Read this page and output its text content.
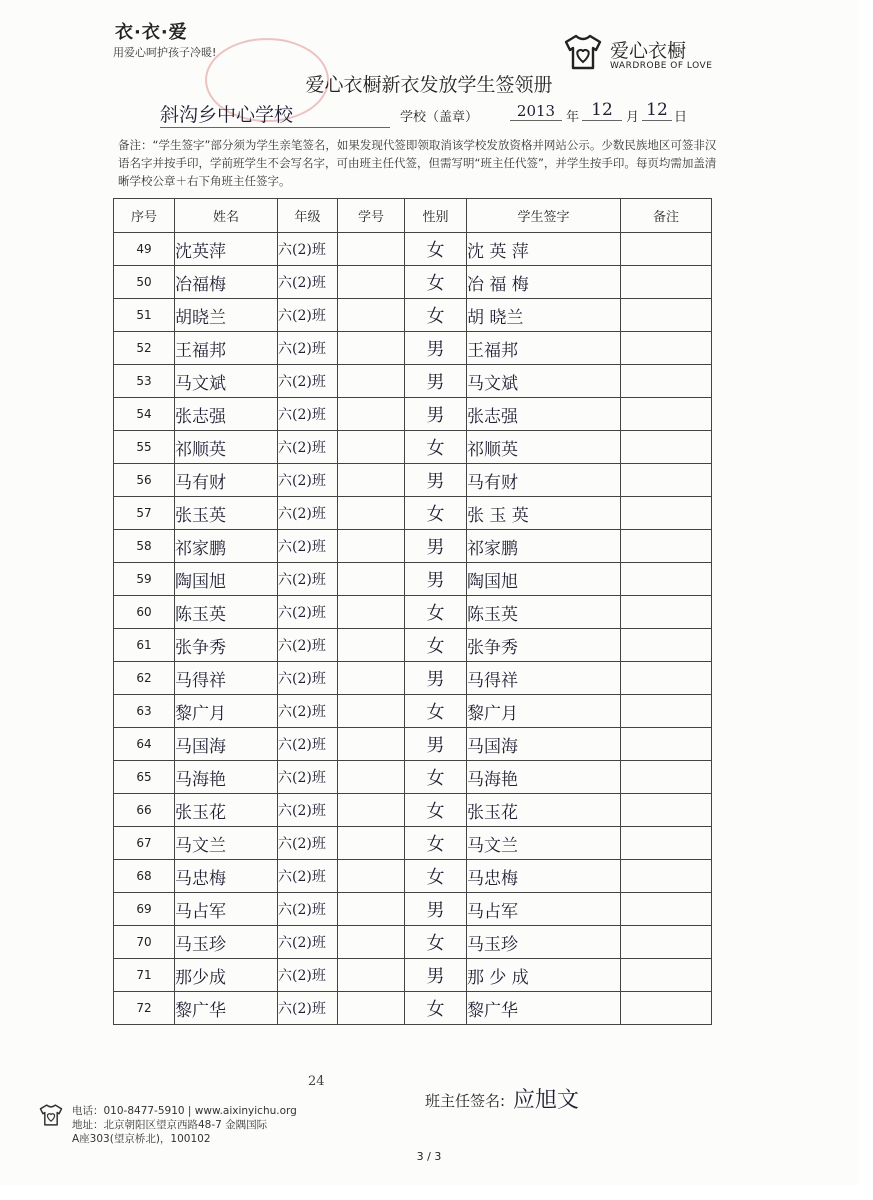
衣·衣·爱
用爱心呵护孩子冷暖!	爱心衣橱
WARDROBE OF LOVE
爱心衣橱新衣发放学生签领册
斜沟乡中心学校	学校（盖章）	2013 年 12	月 12 日
备注：“学生签字”部分须为学生亲笔签名，如果发现代签即领取消该学校发放资格并网站公示。少数民族地区可签非汉语名字并按手印，学前班学生不会写名字，可由班主任代签，但需写明“班主任代签”，并学生按手印。每页均需加盖清晰学校公章＋右下角班主任签字。
序号	姓名	年级	学号	性别	学生签字	备注
49	沈英萍	六(2)班		女	沈 英 萍	
50	冶福梅	六(2)班		女	冶 福 梅	
51	胡晓兰	六(2)班		女	胡 晓兰	
52	王福邦	六(2)班		男	王福邦	
53	马文斌	六(2)班		男	马文斌	
54	张志强	六(2)班		男	张志强	
55	祁顺英	六(2)班		女	祁顺英	
56	马有财	六(2)班		男	马有财	
57	张玉英	六(2)班		女	张 玉 英	
58	祁家鹏	六(2)班		男	祁家鹏	
59	陶国旭	六(2)班		男	陶国旭	
60	陈玉英	六(2)班		女	陈玉英	
61	张争秀	六(2)班		女	张争秀	
62	马得祥	六(2)班		男	马得祥	
63	黎广月	六(2)班		女	黎广月	
64	马国海	六(2)班		男	马国海	
65	马海艳	六(2)班		女	马海艳	
66	张玉花	六(2)班		女	张玉花	
67	马文兰	六(2)班		女	马文兰	
68	马忠梅	六(2)班		女	马忠梅	
69	马占军	六(2)班		男	马占军	
70	马玉珍	六(2)班		女	马玉珍	
71	那少成	六(2)班		男	那 少 成	
72	黎广华	六(2)班		女	黎广华	
24
班主任签名: 应旭文
电话：010-8477-5910 | www.aixinyichu.org
地址：北京朝阳区望京西路48-7 金隅国际
A座303(望京桥北)，100102
3 / 3
